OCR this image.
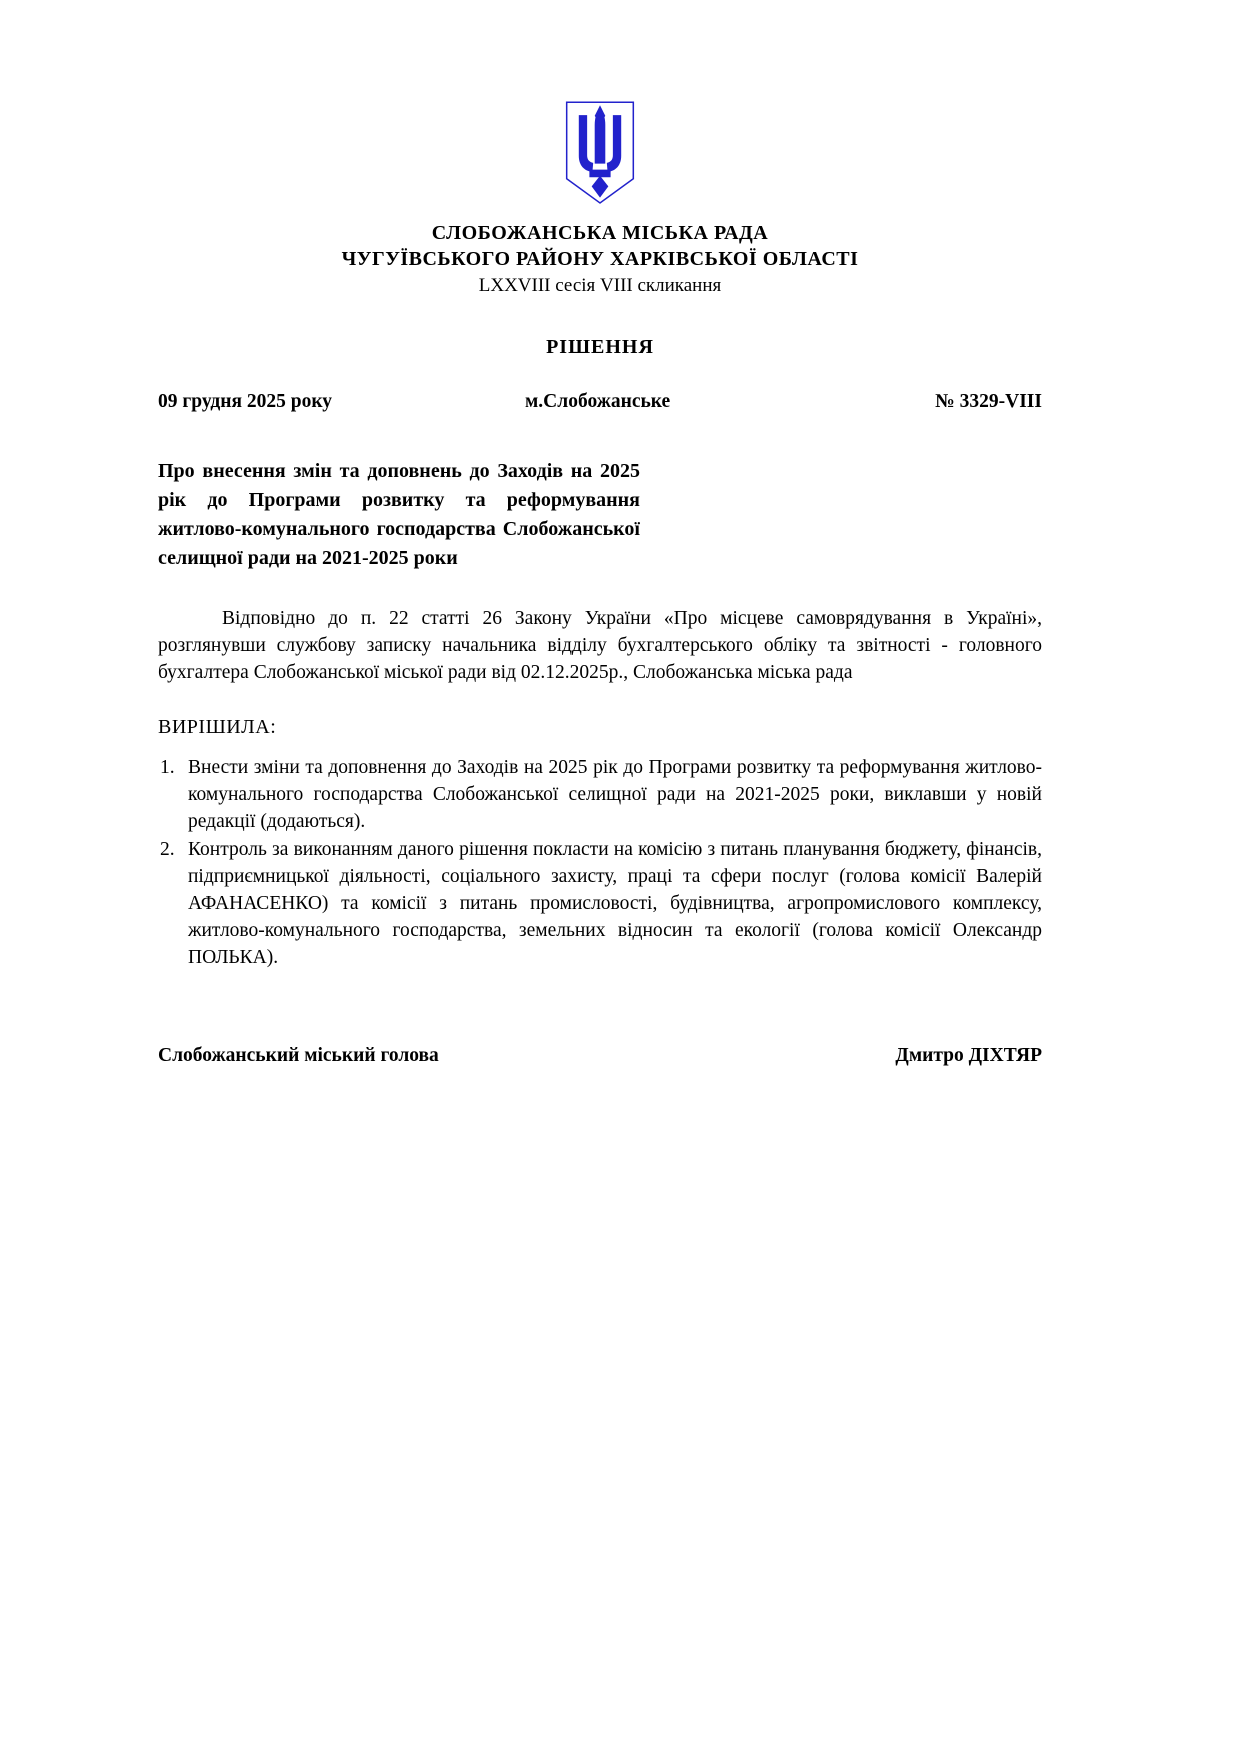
СЛОБОЖАНСЬКА МІСЬКА РАДА
ЧУГУЇВСЬКОГО РАЙОНУ ХАРКІВСЬКОЇ ОБЛАСТІ
LXXVIII сесія VIII скликання
РІШЕННЯ
09 грудня 2025 року	м.Слобожанське	№ 3329-VIII
Про внесення змін та доповнень до Заходів на 2025 рік до Програми розвитку та реформування житлово-комунального господарства Слобожанської селищної ради на 2021-2025 роки
Відповідно до п. 22 статті 26 Закону України «Про місцеве самоврядування в Україні», розглянувши службову записку начальника відділу бухгалтерського обліку та звітності - головного бухгалтера Слобожанської міської ради від 02.12.2025р., Слобожанська міська рада
ВИРІШИЛА:
1. Внести зміни та доповнення до Заходів на 2025 рік до Програми розвитку та реформування житлово-комунального господарства Слобожанської селищної ради на 2021-2025 роки, виклавши у новій редакції (додаються).
2. Контроль за виконанням даного рішення покласти на комісію з питань планування бюджету, фінансів, підприємницької діяльності, соціального захисту, праці та сфери послуг (голова комісії Валерій АФАНАСЕНКО) та комісії з питань промисловості, будівництва, агропромислового комплексу, житлово-комунального господарства, земельних відносин та екології (голова комісії Олександр ПОЛЬКА).
Слобожанський міський голова	Дмитро ДІХТЯР
